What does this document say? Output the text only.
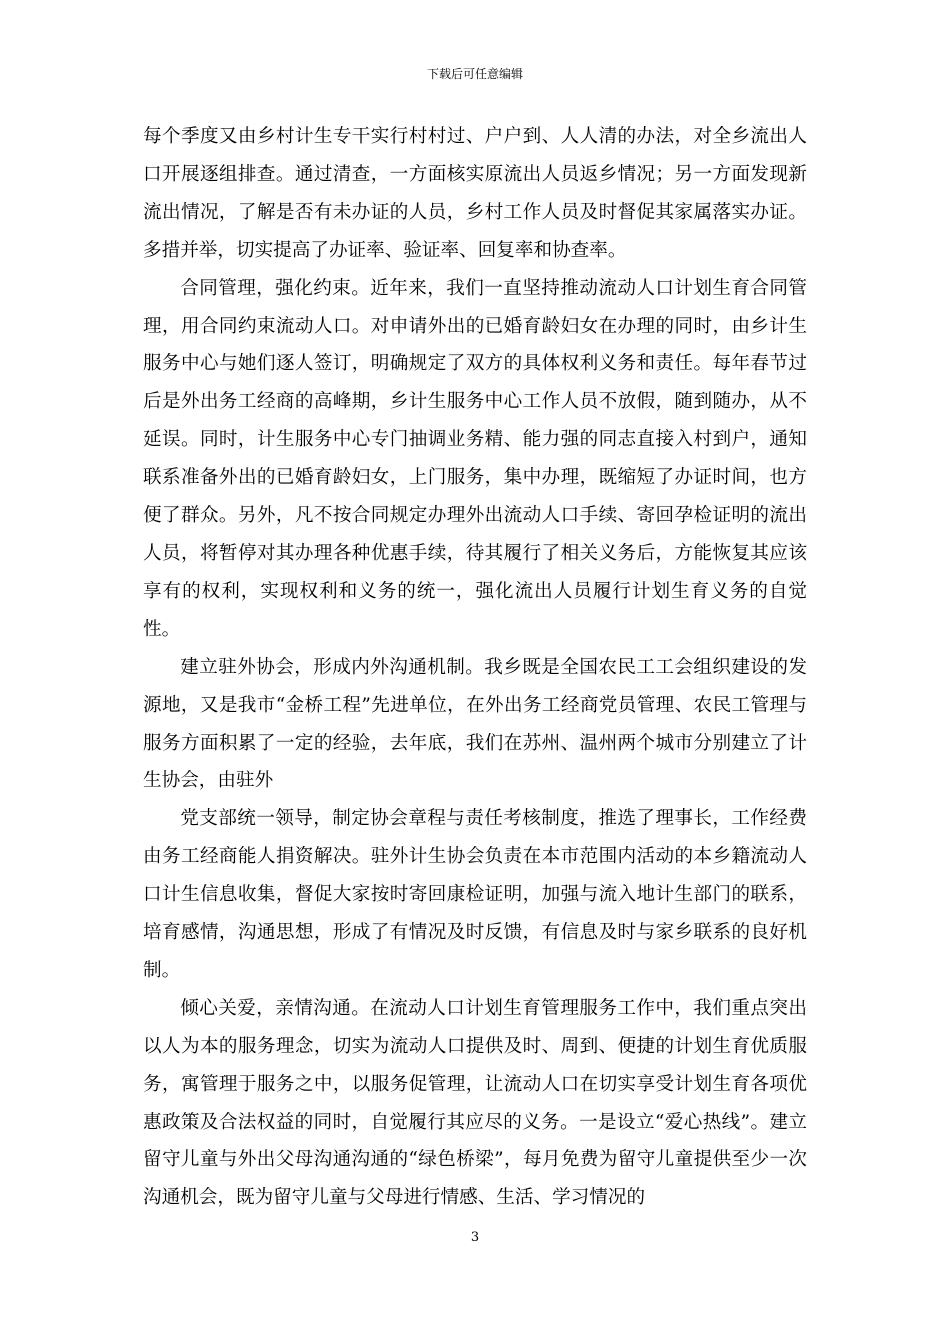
下载后可任意编辑

每个季度又由乡村计生专干实行村村过、户户到、人人清的办法，对全乡流出人口开展逐组排查。通过清查，一方面核实原流出人员返乡情况；另一方面发现新流出情况，了解是否有未办证的人员，乡村工作人员及时督促其家属落实办证。多措并举，切实提高了办证率、验证率、回复率和协查率。

合同管理，强化约束。近年来，我们一直坚持推动流动人口计划生育合同管理，用合同约束流动人口。对申请外出的已婚育龄妇女在办理的同时，由乡计生服务中心与她们逐人签订，明确规定了双方的具体权利义务和责任。每年春节过后是外出务工经商的高峰期，乡计生服务中心工作人员不放假，随到随办，从不延误。同时，计生服务中心专门抽调业务精、能力强的同志直接入村到户，通知联系准备外出的已婚育龄妇女，上门服务，集中办理，既缩短了办证时间，也方便了群众。另外，凡不按合同规定办理外出流动人口手续、寄回孕检证明的流出人员，将暂停对其办理各种优惠手续，待其履行了相关义务后，方能恢复其应该享有的权利，实现权利和义务的统一，强化流出人员履行计划生育义务的自觉性。

建立驻外协会，形成内外沟通机制。我乡既是全国农民工工会组织建设的发源地，又是我市“金桥工程”先进单位，在外出务工经商党员管理、农民工管理与服务方面积累了一定的经验，去年底，我们在苏州、温州两个城市分别建立了计生协会，由驻外

党支部统一领导，制定协会章程与责任考核制度，推选了理事长，工作经费由务工经商能人捐资解决。驻外计生协会负责在本市范围内活动的本乡籍流动人口计生信息收集，督促大家按时寄回康检证明，加强与流入地计生部门的联系，培育感情，沟通思想，形成了有情况及时反馈，有信息及时与家乡联系的良好机制。

倾心关爱，亲情沟通。在流动人口计划生育管理服务工作中，我们重点突出以人为本的服务理念，切实为流动人口提供及时、周到、便捷的计划生育优质服务，寓管理于服务之中，以服务促管理，让流动人口在切实享受计划生育各项优惠政策及合法权益的同时，自觉履行其应尽的义务。一是设立“爱心热线”。建立留守儿童与外出父母沟通沟通的“绿色桥梁”，每月免费为留守儿童提供至少一次沟通机会，既为留守儿童与父母进行情感、生活、学习情况的

3
